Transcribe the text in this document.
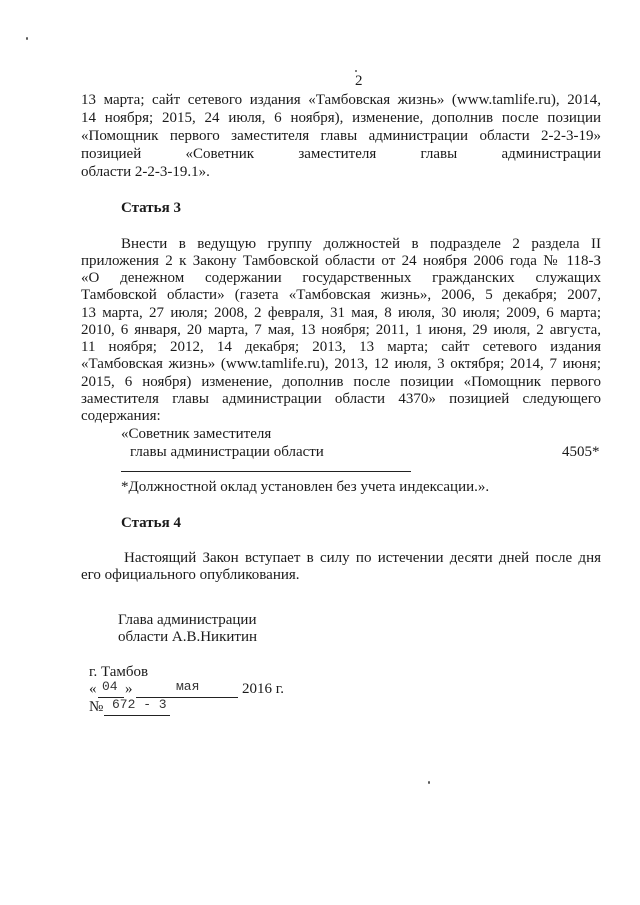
2
13 марта; сайт сетевого издания «Тамбовская жизнь» (www.tamlife.ru), 2014,
14 ноября; 2015, 24 июля, 6 ноября), изменение, дополнив после позиции
«Помощник первого заместителя главы администрации области 2-2-3-19»
позицией «Советник заместителя главы администрации
области 2-2-3-19.1».
Статья 3
Внести в ведущую группу должностей в подразделе 2 раздела II
приложения 2 к Закону Тамбовской области от 24 ноября 2006 года № 118-З
«О денежном содержании государственных гражданских служащих
Тамбовской области» (газета «Тамбовская жизнь», 2006, 5 декабря; 2007,
13 марта, 27 июля; 2008, 2 февраля, 31 мая, 8 июля, 30 июля; 2009, 6 марта;
2010, 6 января, 20 марта, 7 мая, 13 ноября; 2011, 1 июня, 29 июля, 2 августа,
11 ноября; 2012, 14 декабря; 2013, 13 марта; сайт сетевого издания
«Тамбовская жизнь» (www.tamlife.ru), 2013, 12 июля, 3 октября; 2014, 7 июня;
2015, 6 ноября) изменение, дополнив после позиции «Помощник первого
заместителя главы администрации области 4370» позицией следующего
содержания:
«Советник заместителя
главы администрации области	4505*
*Должностной оклад установлен без учета индексации.».
Статья 4
Настоящий Закон вступает в силу по истечении десяти дней после дня
его официального опубликования.
Глава администрации
области А.В.Никитин
г. Тамбов
« 04 »	мая	2016 г.
№ 672 - 3
